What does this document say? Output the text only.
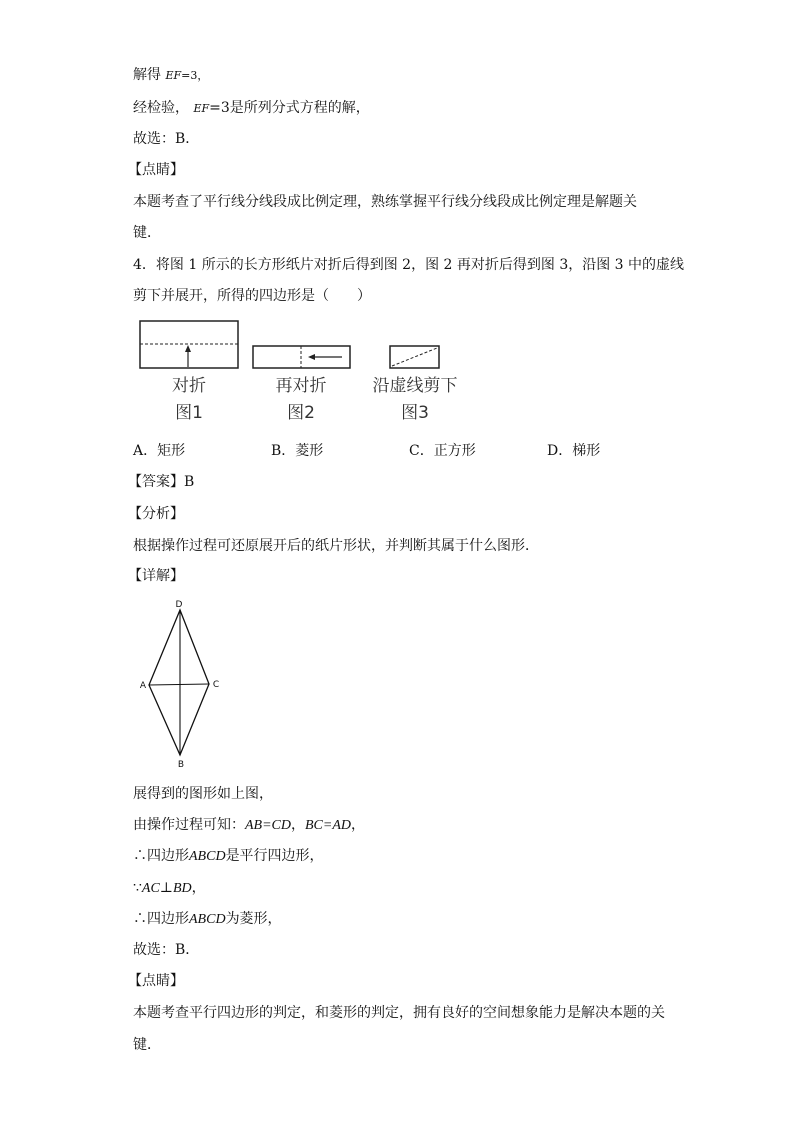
解得 EF=3，
经检验， EF=3是所列分式方程的解，
故选：B．
【点睛】
本题考查了平行线分线段成比例定理，熟练掌握平行线分线段成比例定理是解题关
键．
4．将图 1 所示的长方形纸片对折后得到图 2，图 2 再对折后得到图 3，沿图 3 中的虚线
剪下并展开，所得的四边形是（　　）
对折
图1
再对折
图2
沿虚线剪下
图3
A．矩形	B．菱形	C．正方形	D．梯形
【答案】B
【分析】
根据操作过程可还原展开后的纸片形状，并判断其属于什么图形．
【详解】
D
A	C
B
展得到的图形如上图，
由操作过程可知：AB=CD，BC=AD，
∴四边形ABCD是平行四边形，
∵AC⊥BD，
∴四边形ABCD为菱形，
故选：B．
【点睛】
本题考查平行四边形的判定，和菱形的判定，拥有良好的空间想象能力是解决本题的关
键．
